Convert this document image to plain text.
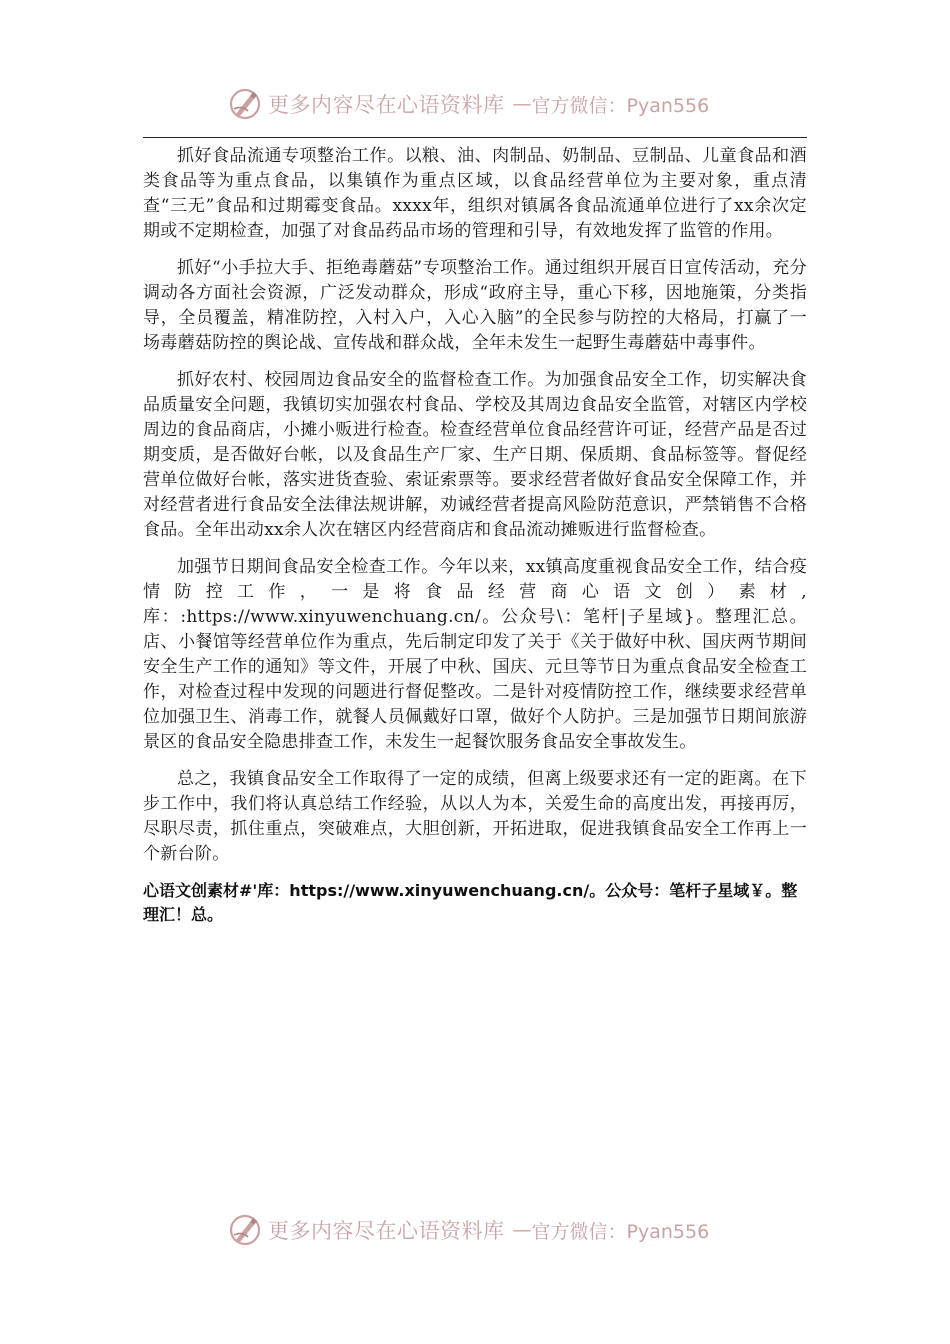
更多内容尽在心语资料库 — 官方微信：Pyan556

抓好食品流通专项整治工作。以粮、油、肉制品、奶制品、豆制品、儿童食品和酒类食品等为重点食品，以集镇作为重点区域，以食品经营单位为主要对象，重点清查“三无”食品和过期霉变食品。xxxx年，组织对镇属各食品流通单位进行了xx余次定期或不定期检查，加强了对食品药品市场的管理和引导，有效地发挥了监管的作用。

抓好“小手拉大手、拒绝毒蘑菇”专项整治工作。通过组织开展百日宣传活动，充分调动各方面社会资源，广泛发动群众，形成“政府主导，重心下移，因地施策，分类指导，全员覆盖，精准防控，入村入户，入心入脑”的全民参与防控的大格局，打赢了一场毒蘑菇防控的舆论战、宣传战和群众战，全年未发生一起野生毒蘑菇中毒事件。

抓好农村、校园周边食品安全的监督检查工作。为加强食品安全工作，切实解决食品质量安全问题，我镇切实加强农村食品、学校及其周边食品安全监管，对辖区内学校周边的食品商店，小摊小贩进行检查。检查经营单位食品经营许可证，经营产品是否过期变质，是否做好台帐，以及食品生产厂家、生产日期、保质期、食品标签等。督促经营单位做好台帐，落实进货查验、索证索票等。要求经营者做好食品安全保障工作，并对经营者进行食品安全法律法规讲解，劝诫经营者提高风险防范意识，严禁销售不合格食品。全年出动xx余人次在辖区内经营商店和食品流动摊贩进行监督检查。

加强节日期间食品安全检查工作。今年以来，xx镇高度重视食品安全工作，结合疫情防控工作，一是将食品经营商心语文创）素材,库：:https://www.xinyuwenchuang.cn/。公众号\：笔杆|子星域}。整理汇总。店、小餐馆等经营单位作为重点，先后制定印发了关于《关于做好中秋、国庆两节期间安全生产工作的通知》等文件，开展了中秋、国庆、元旦等节日为重点食品安全检查工作，对检查过程中发现的问题进行督促整改。二是针对疫情防控工作，继续要求经营单位加强卫生、消毒工作，就餐人员佩戴好口罩，做好个人防护。三是加强节日期间旅游景区的食品安全隐患排查工作，未发生一起餐饮服务食品安全事故发生。

总之，我镇食品安全工作取得了一定的成绩，但离上级要求还有一定的距离。在下步工作中，我们将认真总结工作经验，从以人为本，关爱生命的高度出发，再接再厉，尽职尽责，抓住重点，突破难点，大胆创新，开拓进取，促进我镇食品安全工作再上一个新台阶。

心语文创素材#'库：https://www.xinyuwenchuang.cn/。公众号：笔杆子星域￥。整理汇！总。

更多内容尽在心语资料库 — 官方微信：Pyan556
